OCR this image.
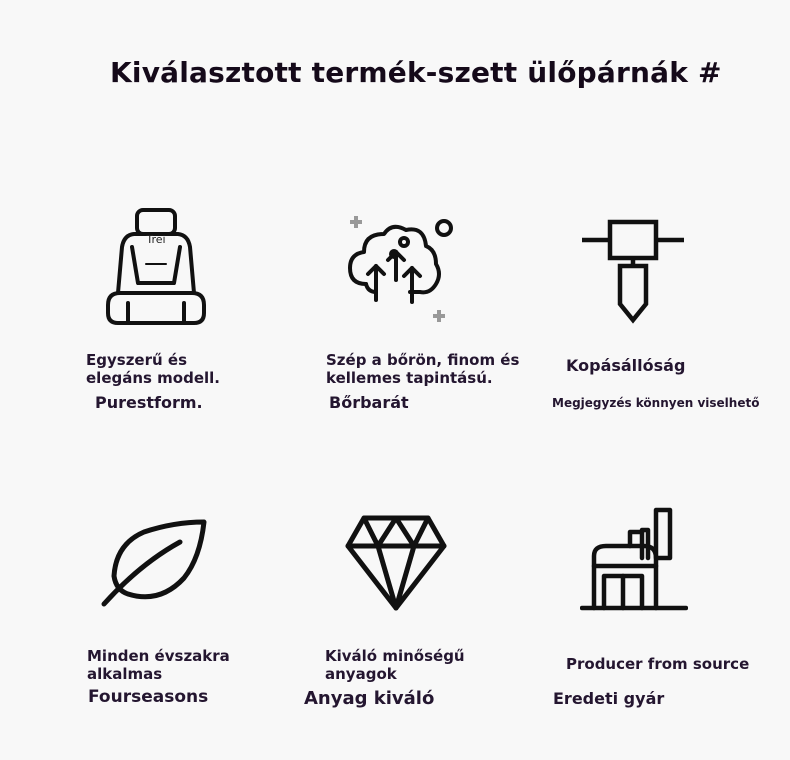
Kiválasztott termék-szett ülőpárnák #
Trei
Egyszerű és
elegáns modell.
Purestform.
Szép a bőrön, finom és
kellemes tapintású.
Bőrbarát
Kopásállóság
Megjegyzés könnyen viselhető
Minden évszakra
alkalmas
Fourseasons
Kiváló minőségű
anyagok
Anyag kiváló
Producer from source
Eredeti gyár
